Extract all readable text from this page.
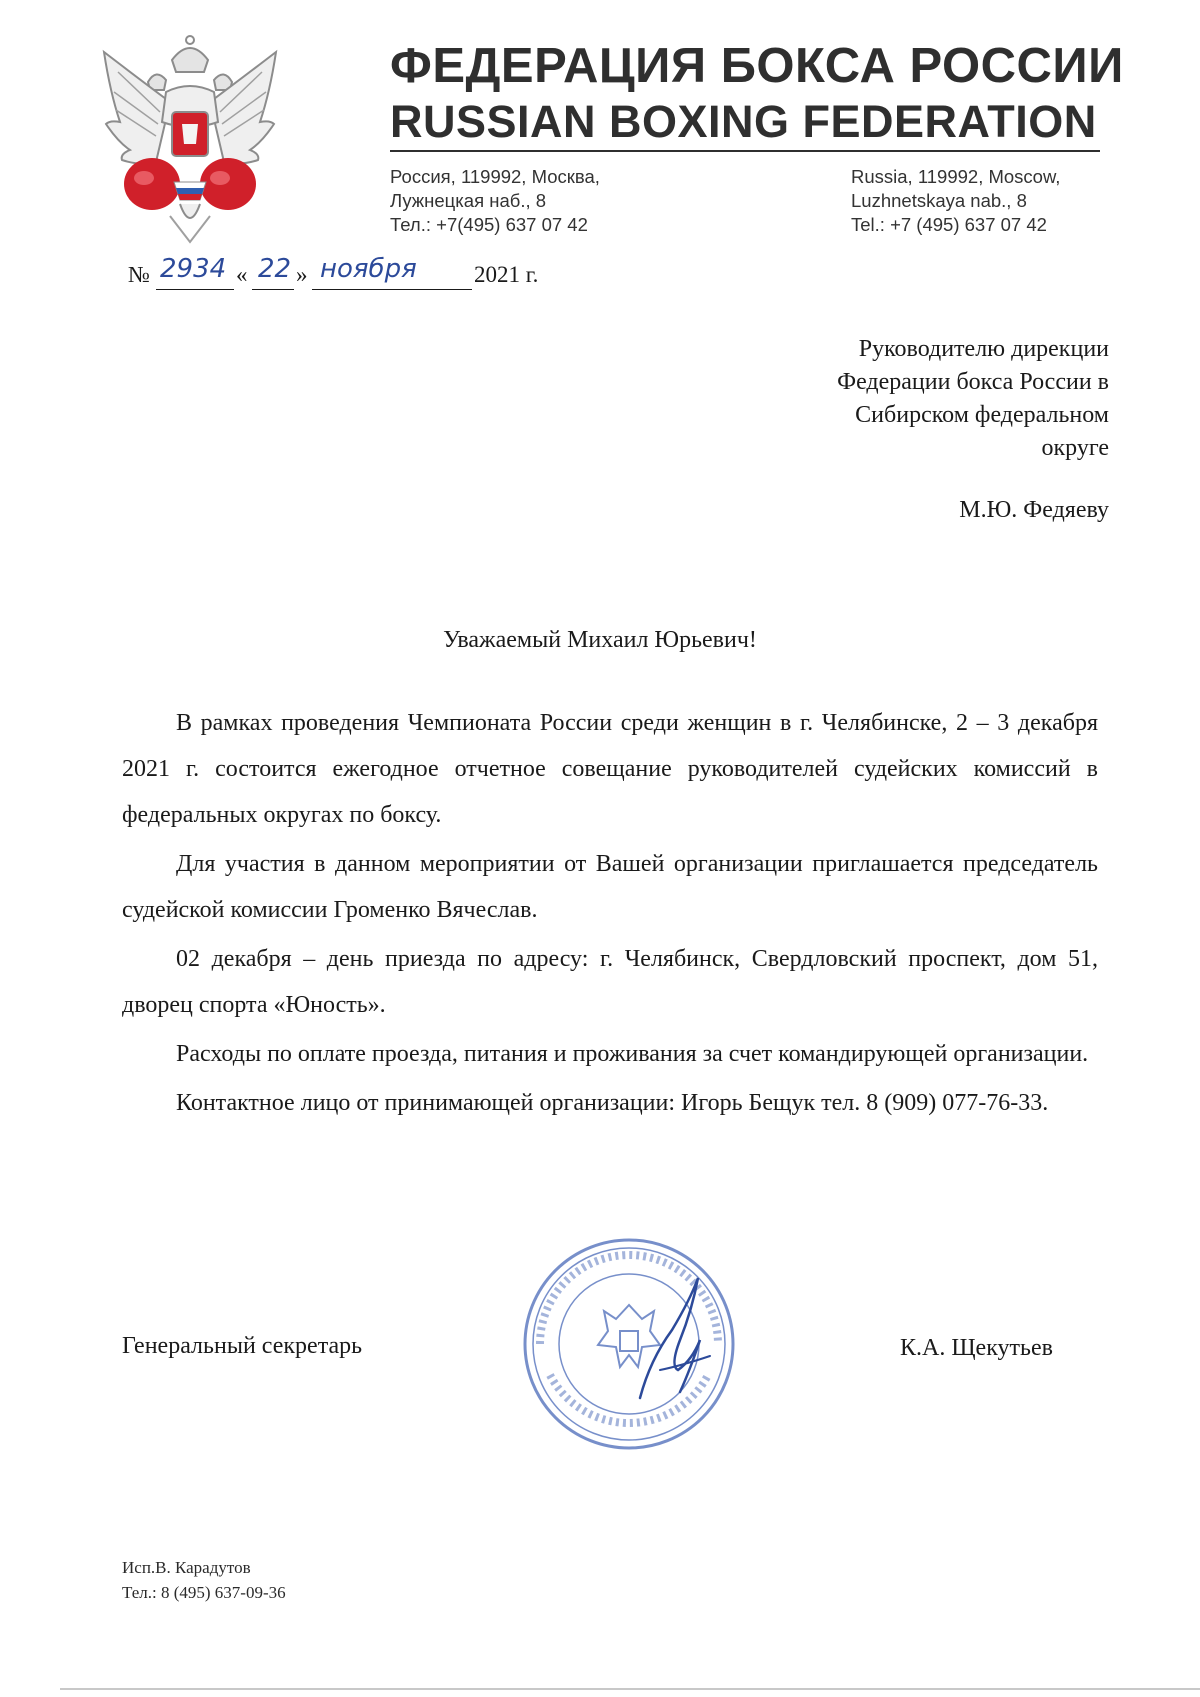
ФЕДЕРАЦИЯ БОКСА РОССИИ
RUSSIAN BOXING FEDERATION
Россия, 119992, Москва,
Лужнецкая наб., 8
Тел.: +7(495) 637 07 42
Russia, 119992, Moscow,
Luzhnetskaya nab., 8
Tel.: +7 (495) 637 07 42
№ 2934 « 22 » ноября 2021 г.
Руководителю дирекции
Федерации бокса России в
Сибирском федеральном
округе
М.Ю. Федяеву
Уважаемый Михаил Юрьевич!

В рамках проведения Чемпионата России среди женщин в г. Челябинске, 2 – 3 декабря 2021 г. состоится ежегодное отчетное совещание руководителей судейских комиссий в федеральных округах по боксу.

Для участия в данном мероприятии от Вашей организации приглашается председатель судейской комиссии Громенко Вячеслав.

02 декабря – день приезда по адресу: г. Челябинск, Свердловский проспект, дом 51, дворец спорта «Юность».

Расходы по оплате проезда, питания и проживания за счет командирующей организации.

Контактное лицо от принимающей организации: Игорь Бещук тел. 8 (909) 077-76-33.

Генеральный секретарь	К.А. Щекутьев
Исп.В. Карадутов
Тел.: 8 (495) 637-09-36
